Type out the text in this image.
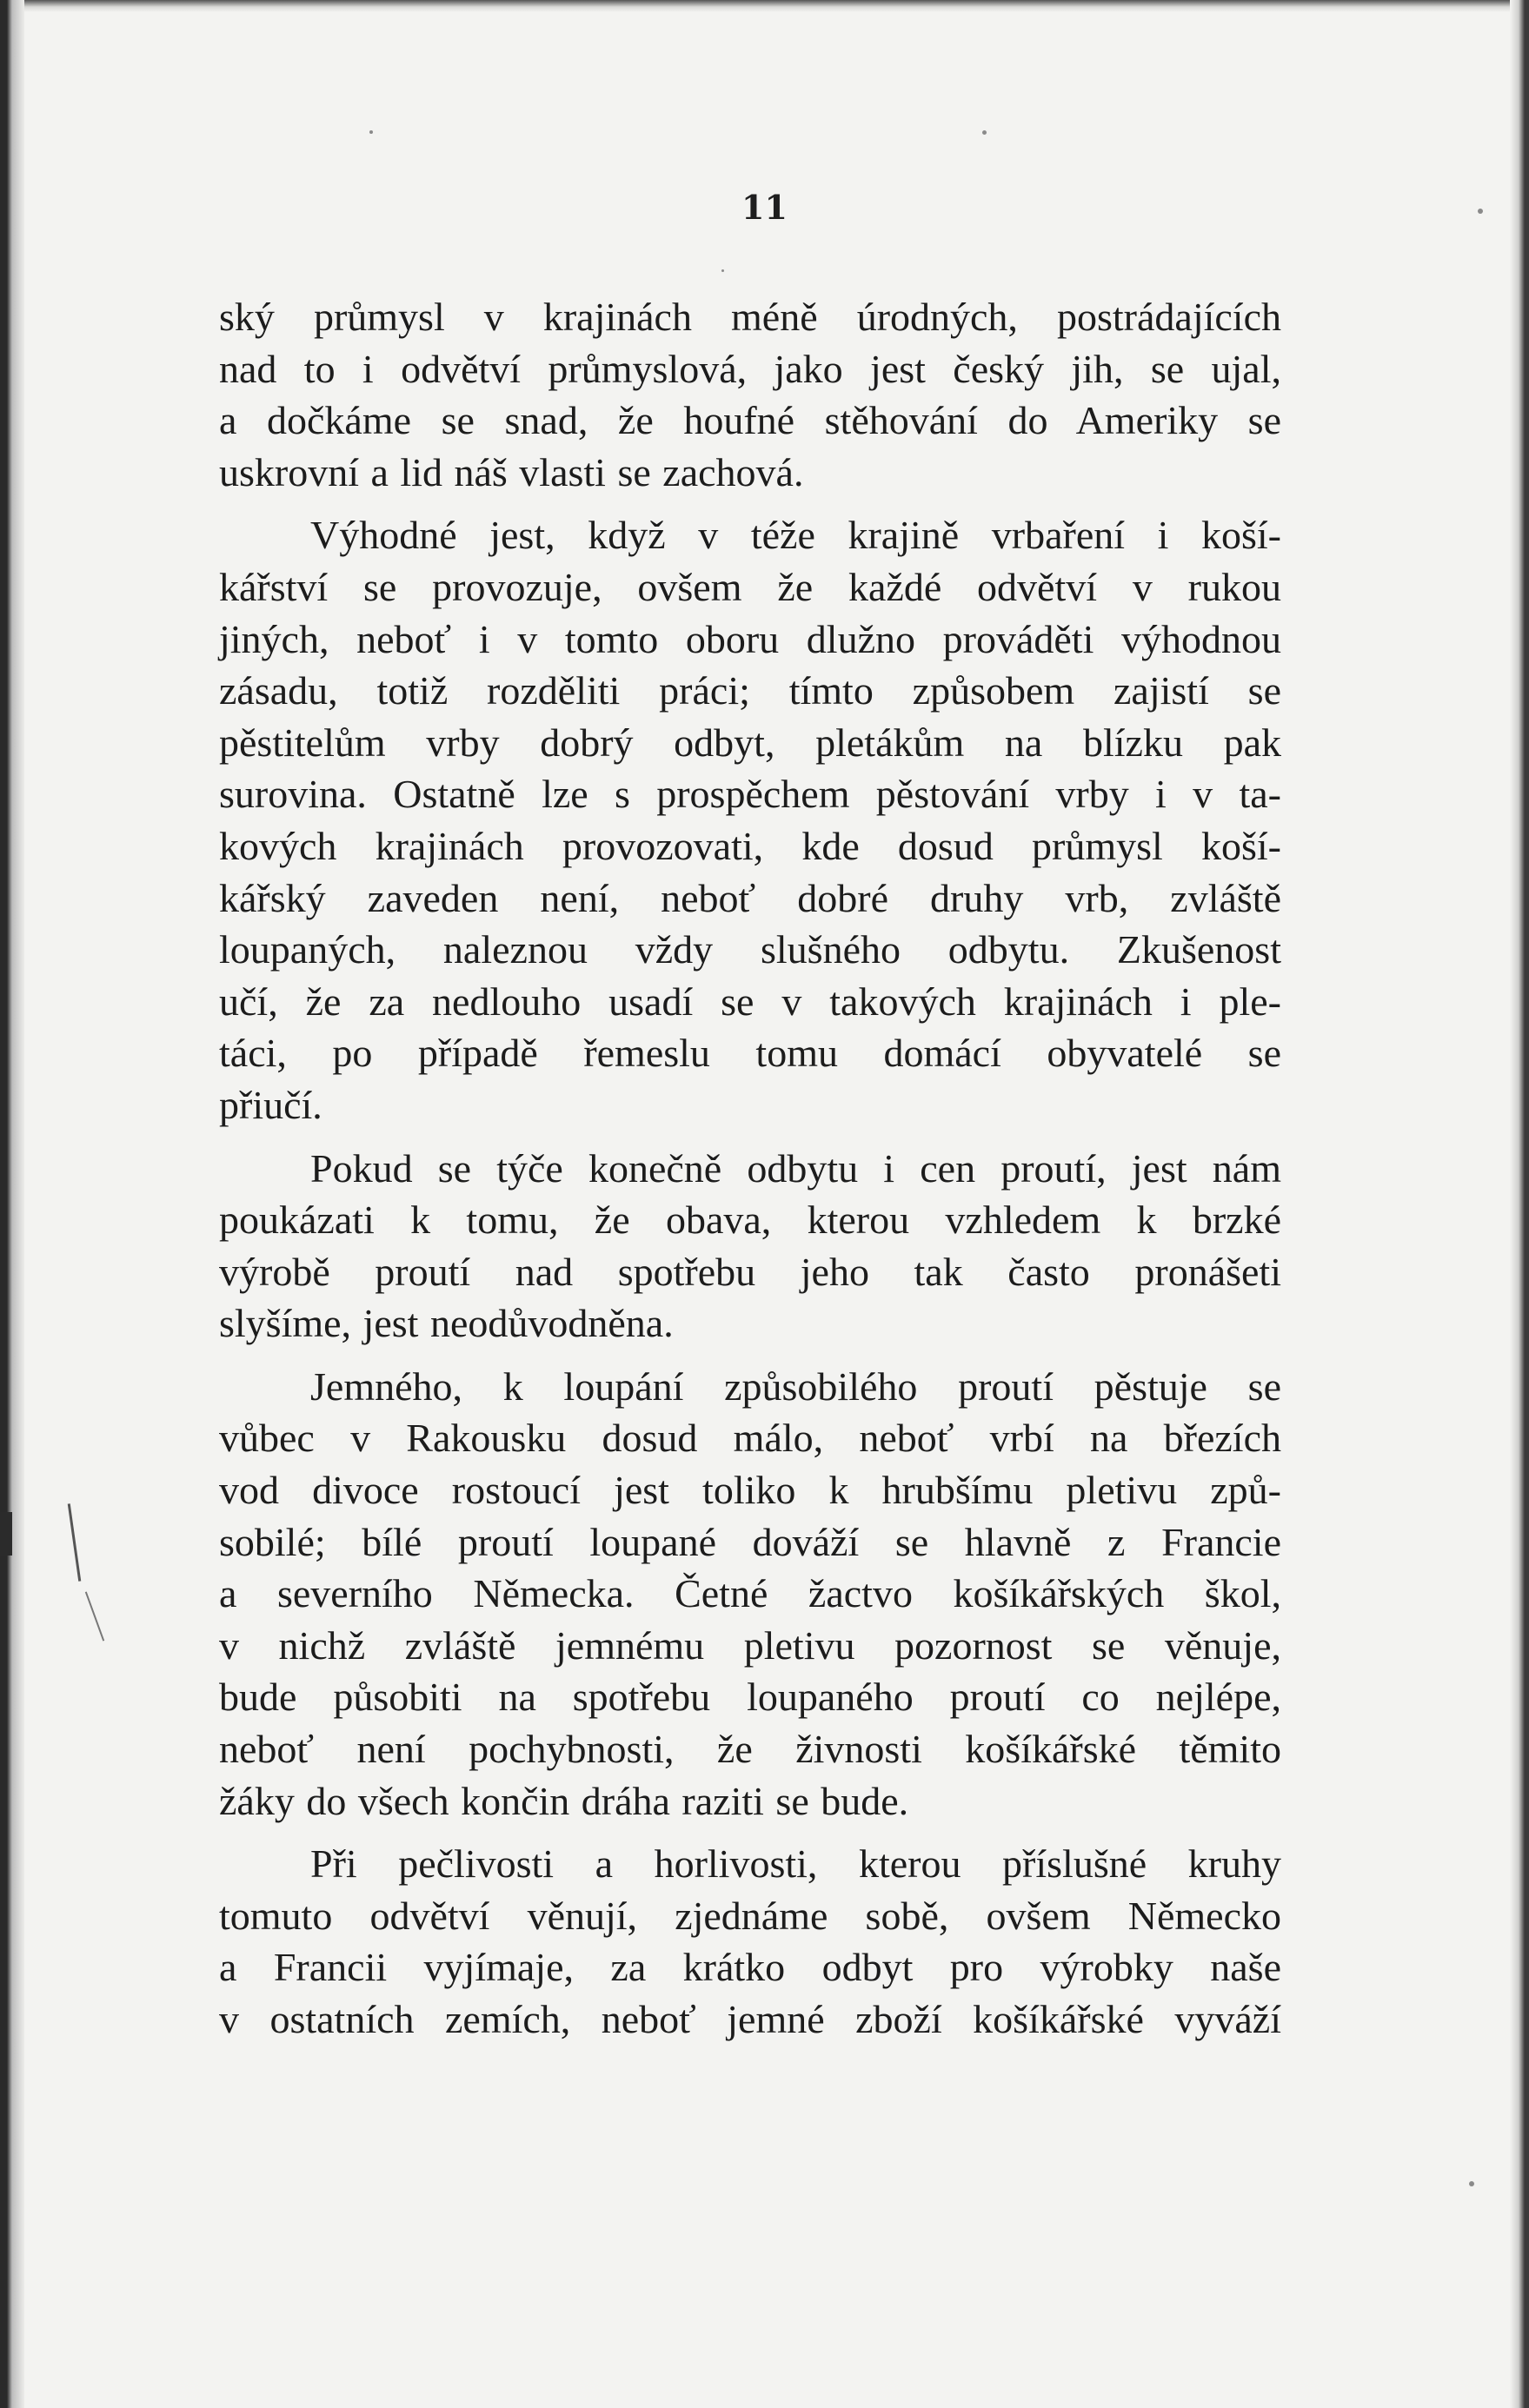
11
ský průmysl v krajinách méně úrodných, postrádajících
nad to i odvětví průmyslová, jako jest český jih, se ujal,
a dočkáme se snad, že houfné stěhování do Ameriky se
uskrovní a lid náš vlasti se zachová.
Výhodné jest, když v téže krajině vrbaření i koší-
kářství se provozuje, ovšem že každé odvětví v rukou
jiných, neboť i v tomto oboru dlužno prováděti výhodnou
zásadu, totiž rozděliti práci; tímto způsobem zajistí se
pěstitelům vrby dobrý odbyt, pletákům na blízku pak
surovina. Ostatně lze s prospěchem pěstování vrby i v ta-
kových krajinách provozovati, kde dosud průmysl koší-
kářský zaveden není, neboť dobré druhy vrb, zvláště
loupaných, naleznou vždy slušného odbytu. Zkušenost
učí, že za nedlouho usadí se v takových krajinách i ple-
táci, po případě řemeslu tomu domácí obyvatelé se
přiučí.
Pokud se týče konečně odbytu i cen proutí, jest nám
poukázati k tomu, že obava, kterou vzhledem k brzké
výrobě proutí nad spotřebu jeho tak často pronášeti
slyšíme, jest neodůvodněna.
Jemného, k loupání způsobilého proutí pěstuje se
vůbec v Rakousku dosud málo, neboť vrbí na březích
vod divoce rostoucí jest toliko k hrubšímu pletivu způ-
sobilé; bílé proutí loupané dováží se hlavně z Francie
a severního Německa. Četné žactvo košíkářských škol,
v nichž zvláště jemnému pletivu pozornost se věnuje,
bude působiti na spotřebu loupaného proutí co nejlépe,
neboť není pochybnosti, že živnosti košíkářské těmito
žáky do všech končin dráha raziti se bude.
Při pečlivosti a horlivosti, kterou příslušné kruhy
tomuto odvětví věnují, zjednáme sobě, ovšem Německo
a Francii vyjímaje, za krátko odbyt pro výrobky naše
v ostatních zemích, neboť jemné zboží košíkářské vyváží
